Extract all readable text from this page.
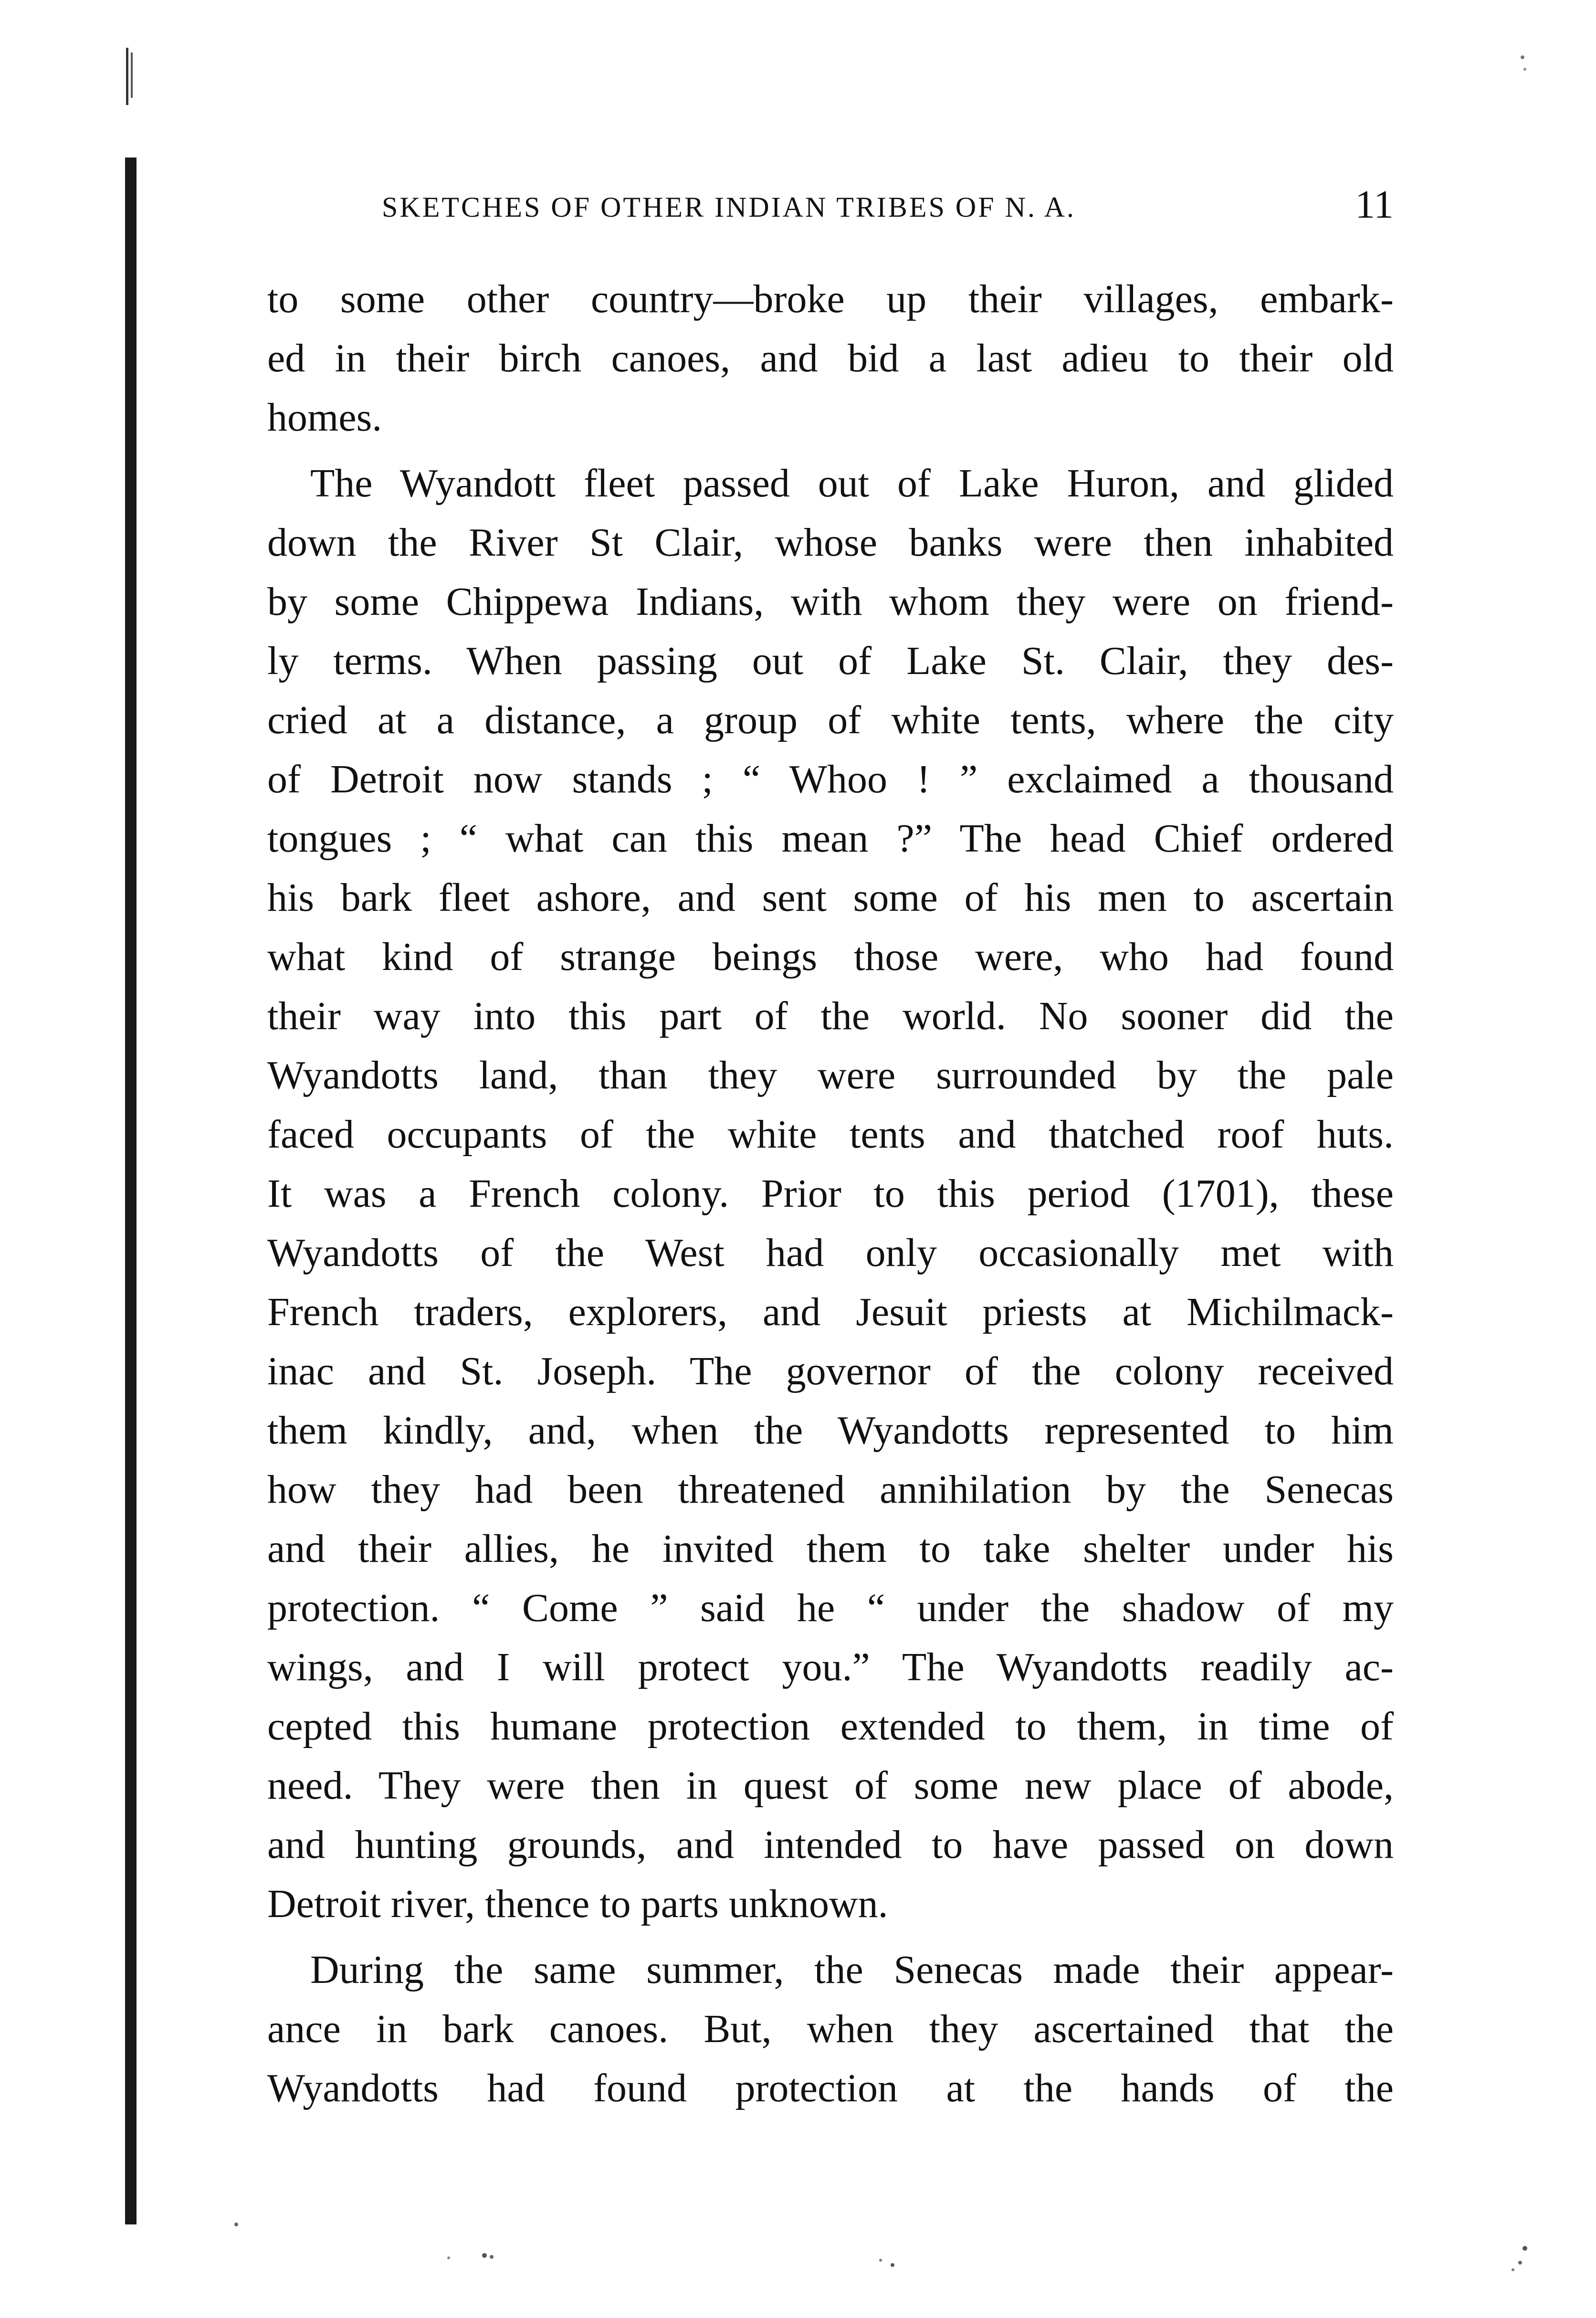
SKETCHES OF OTHER INDIAN TRIBES OF N. A.	11
to some other country—broke up their villages, embark-
ed in their birch canoes, and bid a last adieu to their old
homes.
The Wyandott fleet passed out of Lake Huron, and glided
down the River St Clair, whose banks were then inhabited
by some Chippewa Indians, with whom they were on friend-
ly terms. When passing out of Lake St. Clair, they des-
cried at a distance, a group of white tents, where the city
of Detroit now stands ; “ Whoo ! ” exclaimed a thousand
tongues ; “ what can this mean ?” The head Chief ordered
his bark fleet ashore, and sent some of his men to ascertain
what kind of strange beings those were, who had found
their way into this part of the world. No sooner did the
Wyandotts land, than they were surrounded by the pale
faced occupants of the white tents and thatched roof huts.
It was a French colony. Prior to this period (1701), these
Wyandotts of the West had only occasionally met with
French traders, explorers, and Jesuit priests at Michilmack-
inac and St. Joseph. The governor of the colony received
them kindly, and, when the Wyandotts represented to him
how they had been threatened annihilation by the Senecas
and their allies, he invited them to take shelter under his
protection. “ Come ” said he “ under the shadow of my
wings, and I will protect you.” The Wyandotts readily ac-
cepted this humane protection extended to them, in time of
need. They were then in quest of some new place of abode,
and hunting grounds, and intended to have passed on down
Detroit river, thence to parts unknown.
During the same summer, the Senecas made their appear-
ance in bark canoes. But, when they ascertained that the
Wyandotts had found protection at the hands of the
